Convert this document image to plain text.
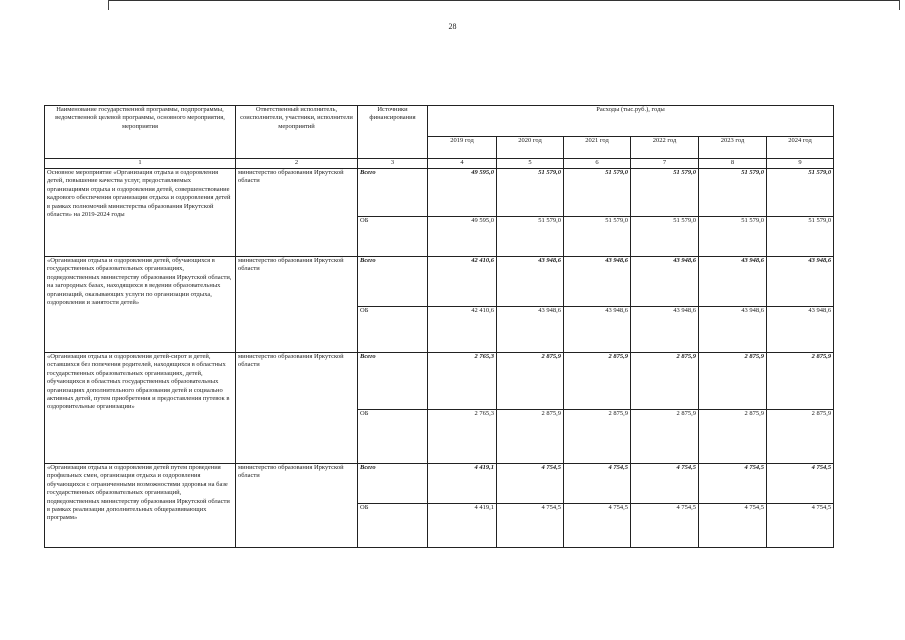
28
Наименование государственной программы, подпрограммы, ведомственной целевой программы, основного мероприятия, мероприятия	Ответственный исполнитель, соисполнители, участники, исполнители мероприятий	Источники финансирования	Расходы (тыс.руб.), годы					
			2019 год	2020 год	2021 год	2022 год	2023 год	2024 год
1	2	3	4	5	6	7	8	9
Основное мероприятие «Организация отдыха и оздоровления детей, повышение качества услуг, предоставляемых организациями отдыха и оздоровления детей, совершенствование кадрового обеспечения организации отдыха и оздоровления детей в рамках полномочий министерства образования Иркутской области» на 2019-2024 годы	министерство образования Иркутской области	Всего	49 595,0	51 579,0	51 579,0	51 579,0	51 579,0	51 579,0
		ОБ	49 595,0	51 579,0	51 579,0	51 579,0	51 579,0	51 579,0
«Организация отдыха и оздоровления детей, обучающихся в государственных образовательных организациях, подведомственных министерству образования Иркутской области, на загородных базах, находящихся в ведении образовательных организаций, оказывающих услуги по организации отдыха, оздоровления и занятости детей»	министерство образования Иркутской области	Всего	42 410,6	43 948,6	43 948,6	43 948,6	43 948,6	43 948,6
		ОБ	42 410,6	43 948,6	43 948,6	43 948,6	43 948,6	43 948,6
«Организация отдыха и оздоровления детей-сирот и детей, оставшихся без попечения родителей, находящихся в областных государственных образовательных организациях, детей, обучающихся в областных государственных образовательных организациях дополнительного образования детей и социально активных детей, путем приобретения и предоставления путевок в оздоровительные организации»	министерство образования Иркутской области	Всего	2 765,3	2 875,9	2 875,9	2 875,9	2 875,9	2 875,9
		ОБ	2 765,3	2 875,9	2 875,9	2 875,9	2 875,9	2 875,9
«Организация отдыха и оздоровления детей путем проведения профильных смен, организация отдыха и оздоровления обучающихся с ограниченными возможностями здоровья на базе государственных образовательных организаций, подведомственных министерству образования Иркутской области в рамках реализации дополнительных общеразвивающих программ»	министерство образования Иркутской области	Всего	4 419,1	4 754,5	4 754,5	4 754,5	4 754,5	4 754,5
		ОБ	4 419,1	4 754,5	4 754,5	4 754,5	4 754,5	4 754,5
